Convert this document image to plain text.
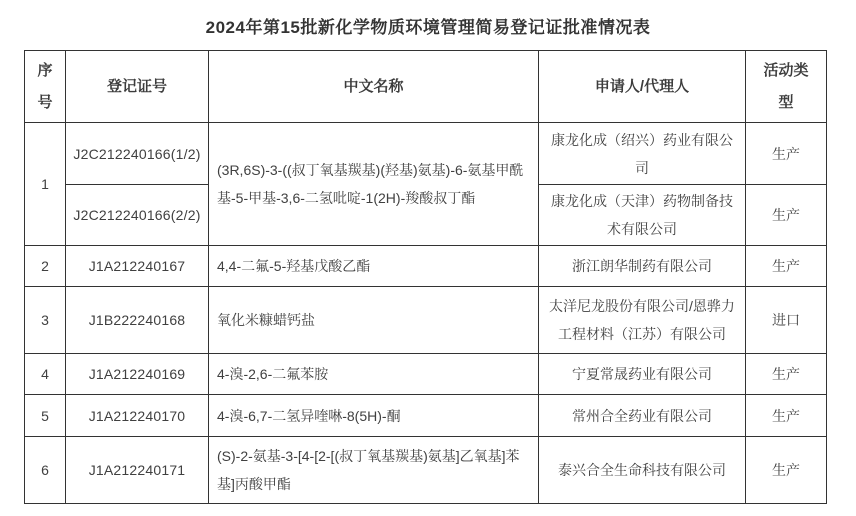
2024年第15批新化学物质环境管理简易登记证批准情况表
序号	登记证号	中文名称	申请人/代理人	活动类型
1	J2C212240166(1/2)	(3R,6S)-3-((叔丁氧基羰基)(羟基)氨基)-6-氨基甲酰基-5-甲基-3,6-二氢吡啶-1(2H)-羧酸叔丁酯	康龙化成（绍兴）药业有限公司	生产
	J2C212240166(2/2)		康龙化成（天津）药物制备技术有限公司	生产
2	J1A212240167	4,4-二氟-5-羟基戊酸乙酯	浙江朗华制药有限公司	生产
3	J1B222240168	氧化米糠蜡钙盐	太洋尼龙股份有限公司/恩骅力工程材料（江苏）有限公司	进口
4	J1A212240169	4-溴-2,6-二氟苯胺	宁夏常晟药业有限公司	生产
5	J1A212240170	4-溴-6,7-二氢异喹啉-8(5H)-酮	常州合全药业有限公司	生产
6	J1A212240171	(S)-2-氨基-3-[4-[2-[(叔丁氧基羰基)氨基]乙氧基]苯基]丙酸甲酯	泰兴合全生命科技有限公司	生产
